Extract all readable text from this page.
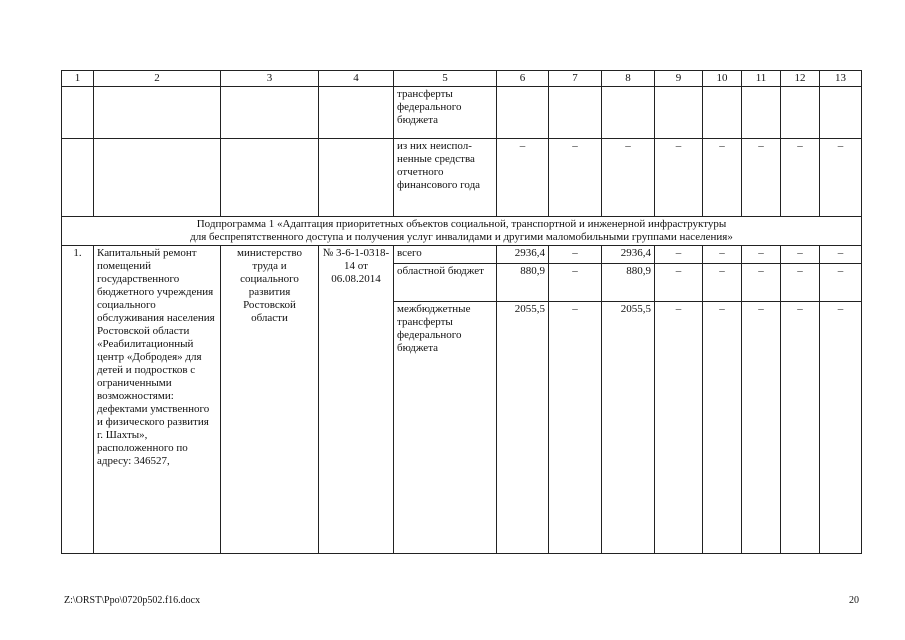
1	2	3	4	5	6	7	8	9	10	11	12	13
				трансферты федерального бюджета								
				из них неиспол-ненные средства отчетного финансового года	–	–	–	–	–	–	–	–

Подпрограмма 1 «Адаптация приоритетных объектов социальной, транспортной и инженерной инфраструктуры
для беспрепятственного доступа и получения услуг инвалидами и другими маломобильными группами населения»												

1.	Капитальный ремонт помещений государственного бюджетного учреждения социального обслуживания населения Ростовской области «Реабилитационный центр «Добродея» для детей и подростков с ограниченными возможностями: дефектами умственного и физического развития г. Шахты», расположенного по адресу: 346527,	министерство труда и социального развития Ростовской области	№ 3-6-1-0318-14 от 06.08.2014	всего	2936,4	–	2936,4	–	–	–	–	–
				областной бюджет	880,9	–	880,9	–	–	–	–	–
				межбюджетные трансферты федерального бюджета	2055,5	–	2055,5	–	–	–	–	–
Z:\ORST\Ppo\0720p502.f16.docx	20
